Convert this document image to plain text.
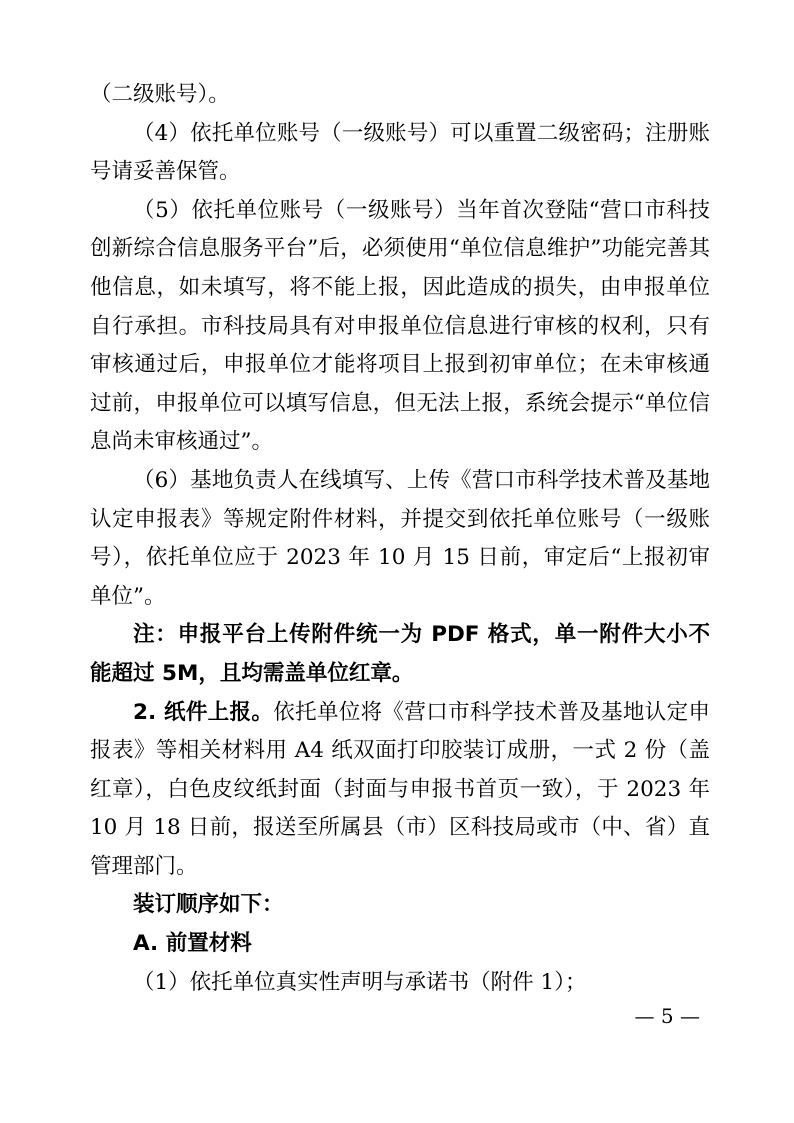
（二级账号）。

（4）依托单位账号（一级账号）可以重置二级密码；注册账号请妥善保管。

（5）依托单位账号（一级账号）当年首次登陆“营口市科技创新综合信息服务平台”后，必须使用“单位信息维护”功能完善其他信息，如未填写，将不能上报，因此造成的损失，由申报单位自行承担。市科技局具有对申报单位信息进行审核的权利，只有审核通过后，申报单位才能将项目上报到初审单位；在未审核通过前，申报单位可以填写信息，但无法上报，系统会提示“单位信息尚未审核通过”。

（6）基地负责人在线填写、上传《营口市科学技术普及基地认定申报表》等规定附件材料，并提交到依托单位账号（一级账号），依托单位应于 2023 年 10 月 15 日前，审定后“上报初审单位”。

注：申报平台上传附件统一为 PDF 格式，单一附件大小不能超过 5M，且均需盖单位红章。

2. 纸件上报。依托单位将《营口市科学技术普及基地认定申报表》等相关材料用 A4 纸双面打印胶装订成册，一式 2 份（盖红章），白色皮纹纸封面（封面与申报书首页一致），于 2023 年 10 月 18 日前，报送至所属县（市）区科技局或市（中、省）直管理部门。

装订顺序如下：

A. 前置材料

（1）依托单位真实性声明与承诺书（附件 1）；

— 5 —
